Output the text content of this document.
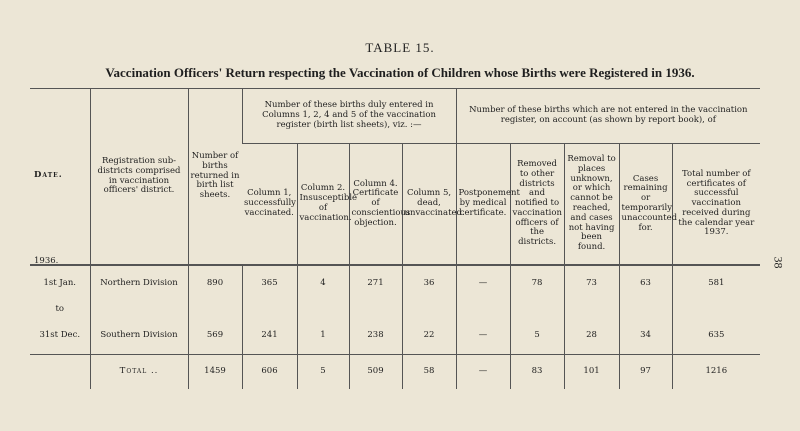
TABLE 15.
Vaccination Officers' Return respecting the Vaccination of Children whose Births were Registered in 1936.
38
Date.
1936.	Registration sub-districts comprised in vaccination officers' district.	Number of births returned in birth list sheets.	Number of these births duly entered in Columns 1, 2, 4 and 5 of the vaccination register (birth list sheets), viz. :—				Number of these births which are not entered in the vaccination register, on account (as shown by report book), of				
			Column 1, successfully vaccinated.	Column 2. Insusceptible of vaccination.	Column 4. Certificate of conscientious objection.	Column 5, dead, unvaccinated.	Postponement by medical certificate.	Removed to other districts and notified to vaccination officers of the districts.	Removal to places unknown, or which cannot be reached, and cases not having been found.	Cases remaining or temporarily unaccounted for.	Total number of certificates of successful vaccination received during the calendar year 1937.
1st Jan.	Northern Division	890	365	4	271	36	—	78	73	63	581
to											
31st Dec.	Southern Division	569	241	1	238	22	—	5	28	34	635
	Total ..	1459	606	5	509	58	—	83	101	97	1216
